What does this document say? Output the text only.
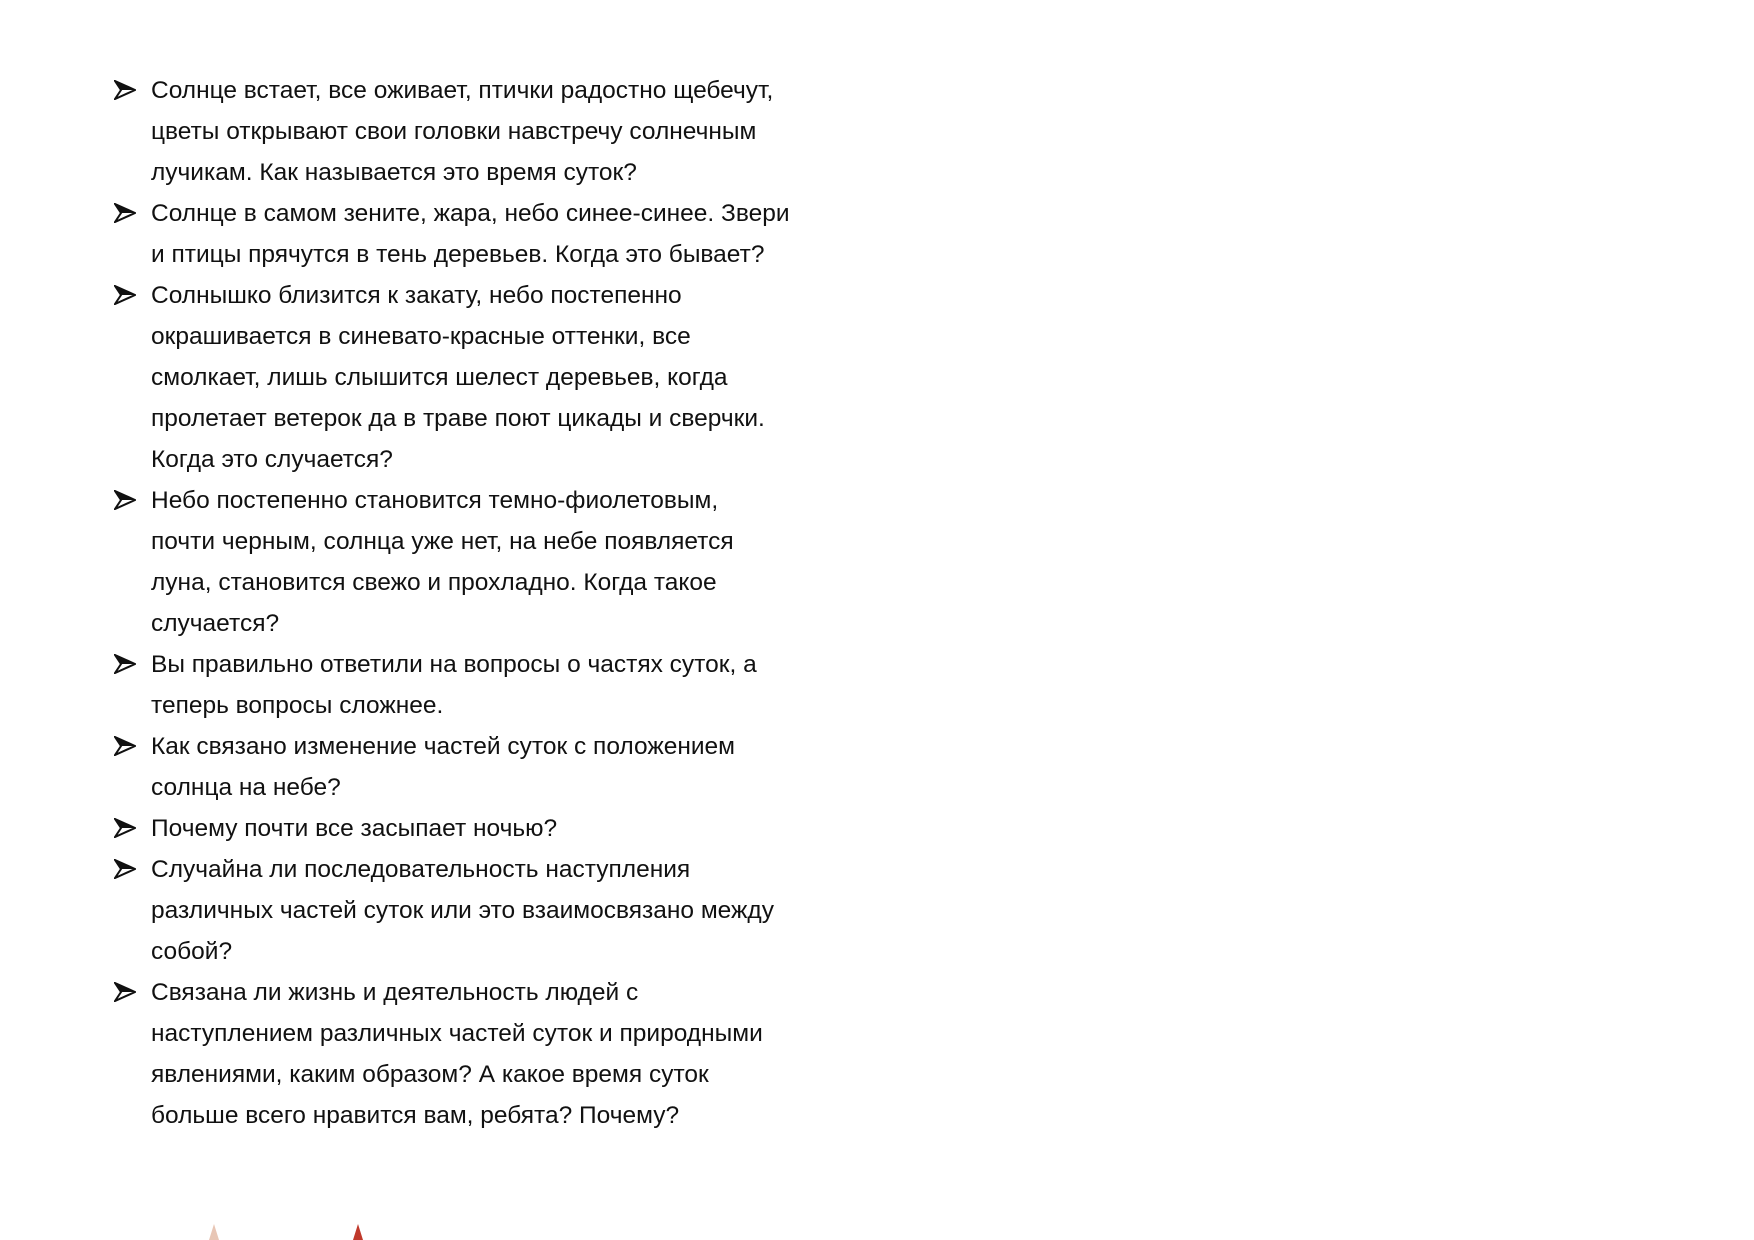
Солнце встает, все оживает, птички радостно щебечут,
цветы открывают свои головки навстречу солнечным
лучикам. Как называется это время суток?
Солнце в самом зените, жара, небо синее-синее. Звери
и птицы прячутся в тень деревьев. Когда это бывает?
Солнышко близится к закату, небо постепенно
окрашивается в синевато-красные оттенки, все
смолкает, лишь слышится шелест деревьев, когда
пролетает ветерок да в траве поют цикады и сверчки.
Когда это случается?
Небо постепенно становится темно-фиолетовым,
почти черным, солнца уже нет, на небе появляется
луна, становится свежо и прохладно. Когда такое
случается?
Вы правильно ответили на вопросы о частях суток, а
теперь вопросы сложнее.
Как связано изменение частей суток с положением
солнца на небе?
Почему почти все засыпает ночью?
Случайна ли последовательность наступления
различных частей суток или это взаимосвязано между
собой?
Связана ли жизнь и деятельность людей с
наступлением различных частей суток и природными
явлениями, каким образом? А какое время суток
больше всего нравится вам, ребята? Почему?
